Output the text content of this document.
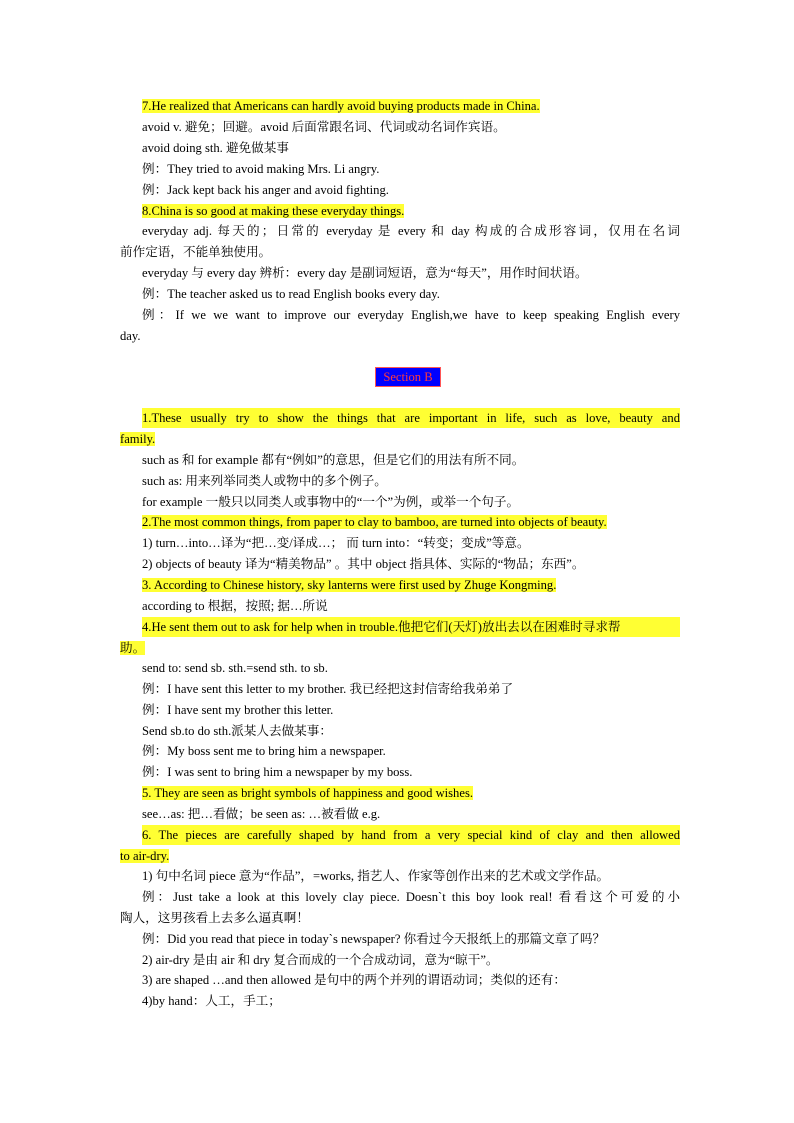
7.He realized that Americans can hardly avoid buying products made in China.
avoid v. 避免；回避。avoid 后面常跟名词、代词或动名词作宾语。
avoid doing sth. 避免做某事
例：They tried to avoid making Mrs. Li angry.
例：Jack kept back his anger and avoid fighting.
8.China is so good at making these everyday things.
everyday adj. 每天的；日常的 everyday 是 every 和 day 构成的合成形容词，仅用在名词
前作定语，不能单独使用。
everyday 与 every day 辨析：every day 是副词短语，意为“每天”，用作时间状语。
例：The teacher asked us to read English books every day.
例：If we we want to improve our everyday English,we have to keep speaking English every
day.
Section B
1.These usually try to show the things that are important in life, such as love, beauty and
family.
such as 和 for example 都有“例如”的意思，但是它们的用法有所不同。
such as: 用来列举同类人或物中的多个例子。
for example 一般只以同类人或事物中的“一个”为例，或举一个句子。
2.The most common things, from paper to clay to bamboo, are turned into objects of beauty.
1) turn…into…译为“把…变/译成…； 而 turn into：“转变；变成”等意。
2) objects of beauty 译为“精美物品” 。其中 object 指具体、实际的“物品；东西”。
3. According to Chinese history, sky lanterns were first used by Zhuge Kongming.
according to 根据，按照; 据…所说
4.He sent them out to ask for help when in trouble.他把它们(天灯)放出去以在困难时寻求帮
助。
send to: send sb. sth.=send sth. to sb.
例：I have sent this letter to my brother. 我已经把这封信寄给我弟弟了
例：I have sent my brother this letter.
Send sb.to do sth.派某人去做某事：
例：My boss sent me to bring him a newspaper.
例：I was sent to bring him a newspaper by my boss.
5. They are seen as bright symbols of happiness and good wishes.
see…as: 把…看做；be seen as: …被看做 e.g.
6. The pieces are carefully shaped by hand from a very special kind of clay and then allowed
to air-dry.
1) 句中名词 piece 意为“作品”，=works, 指艺人、作家等创作出来的艺术或文学作品。
例：Just take a look at this lovely clay piece. Doesn`t this boy look real! 看看这个可爱的小
陶人，这男孩看上去多么逼真啊！
例：Did you read that piece in today`s newspaper? 你看过今天报纸上的那篇文章了吗？
2) air-dry 是由 air 和 dry 复合而成的一个合成动词，意为“晾干”。
3) are shaped …and then allowed 是句中的两个并列的谓语动词；类似的还有：
4)by hand：人工，手工；
